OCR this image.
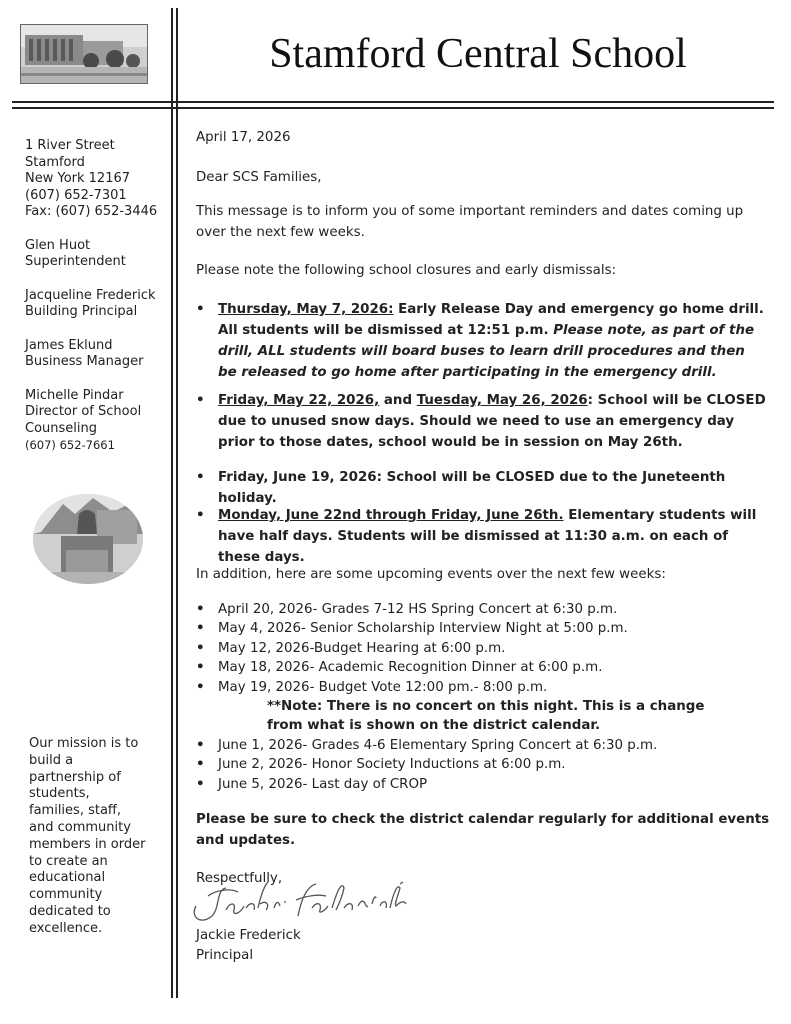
Stamford Central School
1 River Street
Stamford
New York 12167
(607) 652-7301
Fax: (607) 652-3446
Glen Huot
Superintendent
Jacqueline Frederick
Building Principal
James Eklund
Business Manager
Michelle Pindar
Director of School
Counseling
(607) 652-7661
Our mission is to
build a
partnership of
students,
families, staff,
and community
members in order
to create an
educational
community
dedicated to
excellence.
April 17, 2026
Dear SCS Families,
This message is to inform you of some important reminders and dates coming up over the next few weeks.
Please note the following school closures and early dismissals:
• Thursday, May 7, 2026: Early Release Day and emergency go home drill. All students will be dismissed at 12:51 p.m. Please note, as part of the drill, ALL students will board buses to learn drill procedures and then be released to go home after participating in the emergency drill.
• Friday, May 22, 2026, and Tuesday, May 26, 2026: School will be CLOSED due to unused snow days. Should we need to use an emergency day prior to those dates, school would be in session on May 26th.
• Friday, June 19, 2026: School will be CLOSED due to the Juneteenth holiday.
• Monday, June 22nd through Friday, June 26th. Elementary students will have half days. Students will be dismissed at 11:30 a.m. on each of these days.
In addition, here are some upcoming events over the next few weeks:
• April 20, 2026- Grades 7-12 HS Spring Concert at 6:30 p.m.
• May 4, 2026- Senior Scholarship Interview Night at 5:00 p.m.
• May 12, 2026-Budget Hearing at 6:00 p.m.
• May 18, 2026- Academic Recognition Dinner at 6:00 p.m.
• May 19, 2026- Budget Vote 12:00 pm.- 8:00 p.m.
**Note: There is no concert on this night. This is a change from what is shown on the district calendar.
• June 1, 2026- Grades 4-6 Elementary Spring Concert at 6:30 p.m.
• June 2, 2026- Honor Society Inductions at 6:00 p.m.
• June 5, 2026- Last day of CROP
Please be sure to check the district calendar regularly for additional events and updates.
Respectfully,
Jackie Frederick
Principal
